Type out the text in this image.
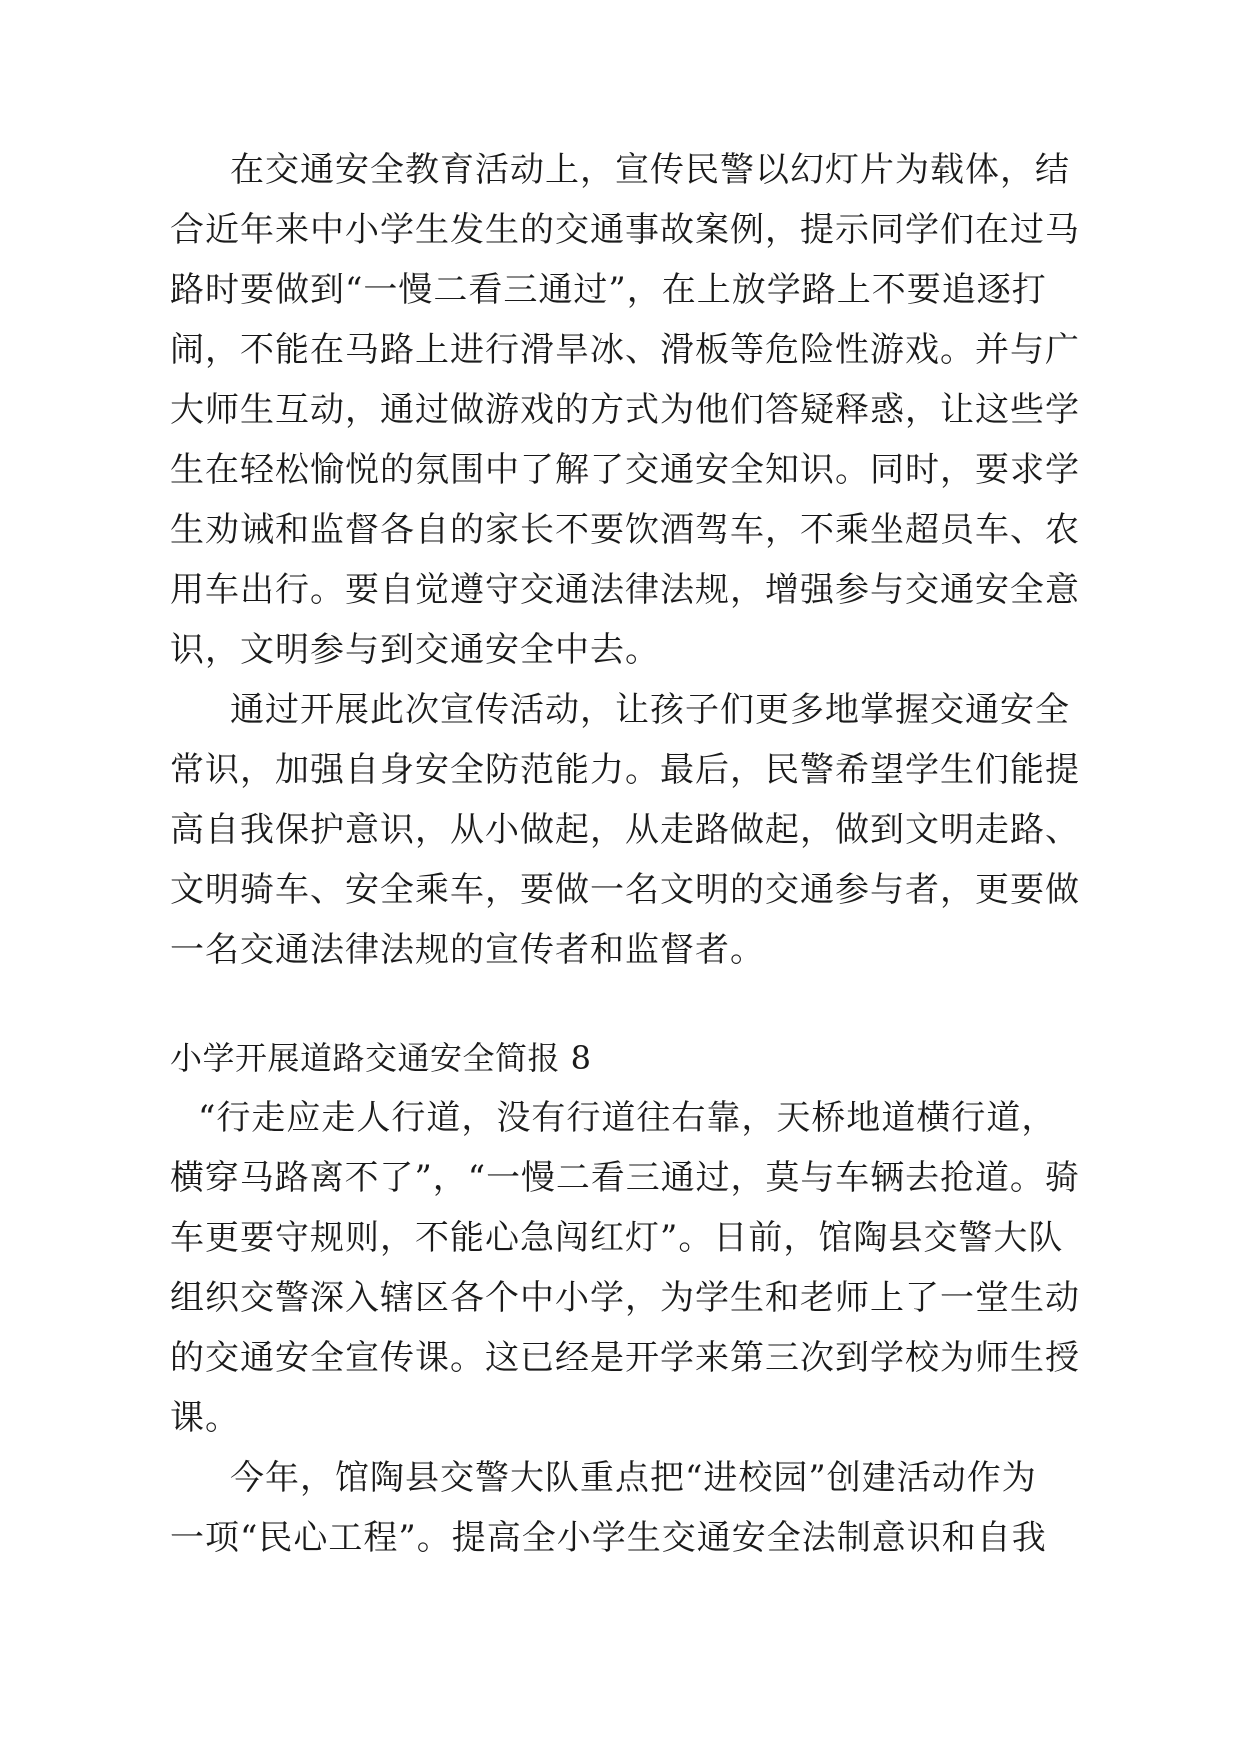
在交通安全教育活动上，宣传民警以幻灯片为载体，结
合近年来中小学生发生的交通事故案例，提示同学们在过马
路时要做到“一慢二看三通过”，在上放学路上不要追逐打
闹，不能在马路上进行滑旱冰、滑板等危险性游戏。并与广
大师生互动，通过做游戏的方式为他们答疑释惑，让这些学
生在轻松愉悦的氛围中了解了交通安全知识。同时，要求学
生劝诫和监督各自的家长不要饮酒驾车，不乘坐超员车、农
用车出行。要自觉遵守交通法律法规，增强参与交通安全意
识，文明参与到交通安全中去。
通过开展此次宣传活动，让孩子们更多地掌握交通安全
常识，加强自身安全防范能力。最后，民警希望学生们能提
高自我保护意识，从小做起，从走路做起，做到文明走路、
文明骑车、安全乘车，要做一名文明的交通参与者，更要做
一名交通法律法规的宣传者和监督者。
小学开展道路交通安全简报 8
“行走应走人行道，没有行道往右靠，天桥地道横行道，
横穿马路离不了”，“一慢二看三通过，莫与车辆去抢道。骑
车更要守规则，不能心急闯红灯”。日前，馆陶县交警大队
组织交警深入辖区各个中小学，为学生和老师上了一堂生动
的交通安全宣传课。这已经是开学来第三次到学校为师生授
课。
今年，馆陶县交警大队重点把“进校园”创建活动作为
一项“民心工程”。提高全小学生交通安全法制意识和自我
